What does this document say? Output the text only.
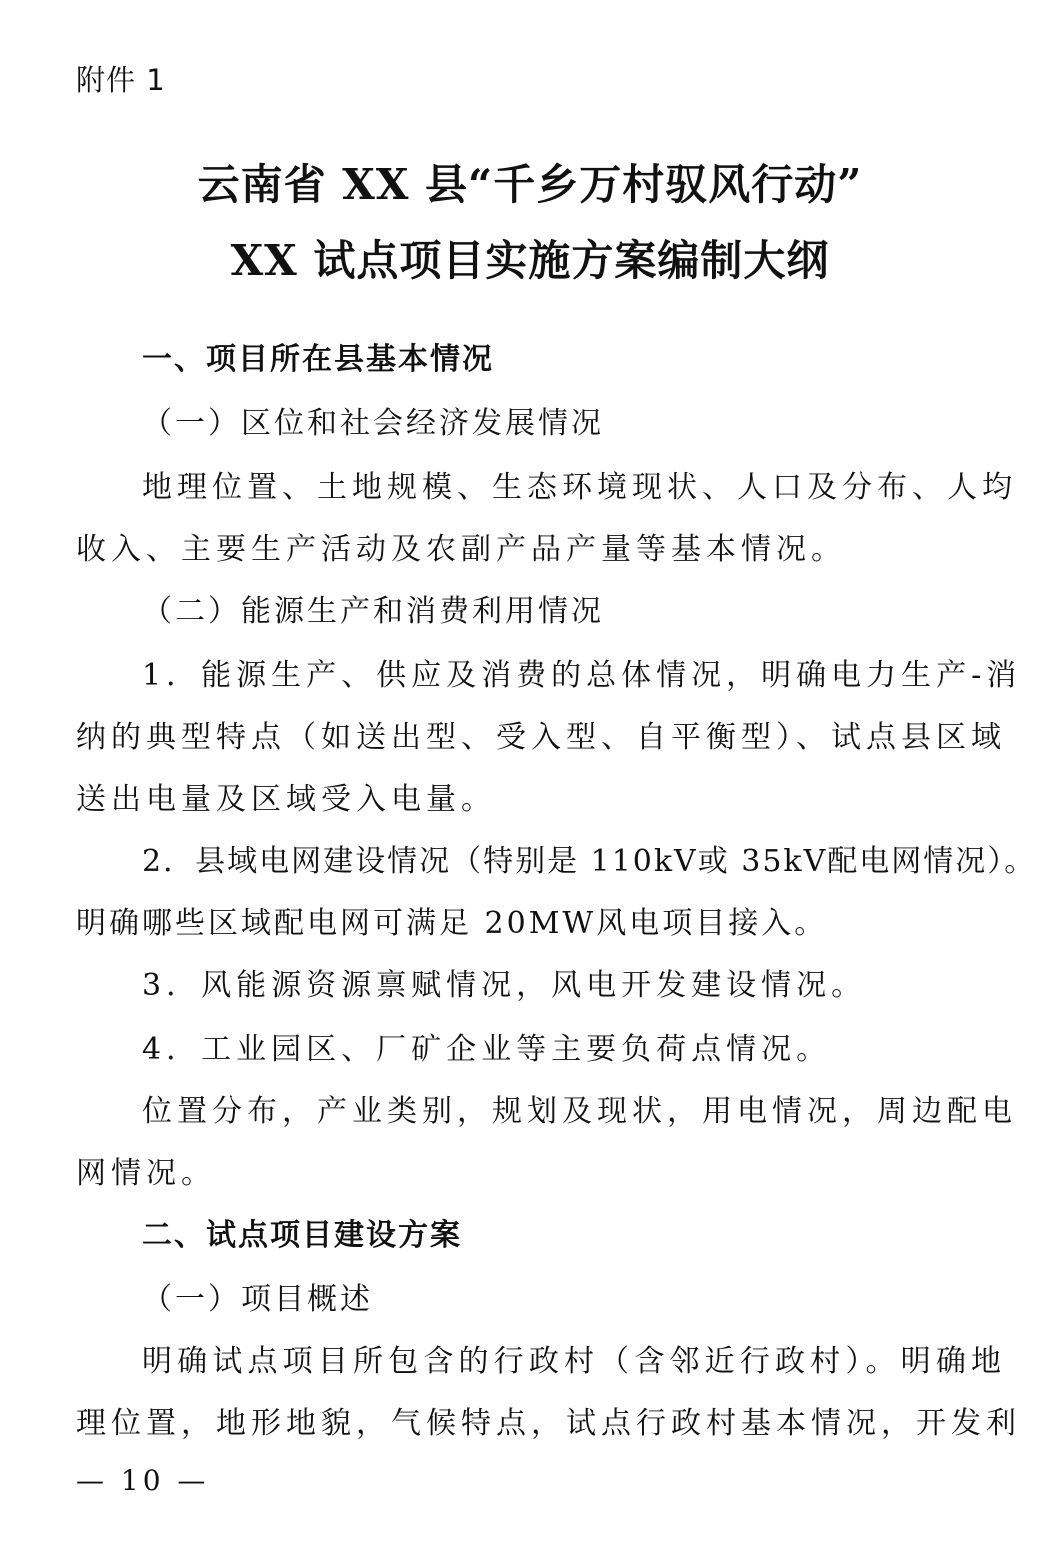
附件 1
云南省 XX 县“千乡万村驭风行动”
XX 试点项目实施方案编制大纲
一、项目所在县基本情况
（一）区位和社会经济发展情况
地理位置、土地规模、生态环境现状、人口及分布、人均
收入、主要生产活动及农副产品产量等基本情况。
（二）能源生产和消费利用情况
1．能源生产、供应及消费的总体情况，明确电力生产-消
纳的典型特点（如送出型、受入型、自平衡型）、试点县区域
送出电量及区域受入电量。
2．县域电网建设情况（特别是 110kV或 35kV配电网情况）。
明确哪些区域配电网可满足 20MW风电项目接入。
3．风能源资源禀赋情况，风电开发建设情况。
4．工业园区、厂矿企业等主要负荷点情况。
位置分布，产业类别，规划及现状，用电情况，周边配电
网情况。
二、试点项目建设方案
（一）项目概述
明确试点项目所包含的行政村（含邻近行政村）。明确地
理位置，地形地貌，气候特点，试点行政村基本情况，开发利
— 10 —
